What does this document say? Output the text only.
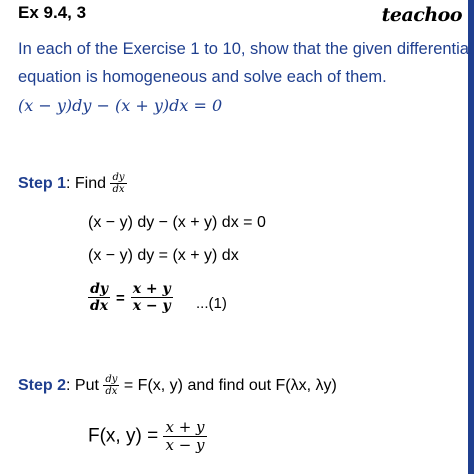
Ex 9.4, 3	teachoo
In each of the Exercise 1 to 10, show that the given differential
equation is homogeneous and solve each of them.
(x − y)dy − (x + y)dx = 0
Step 1: Find $\frac{dy}{dx}$
(x − y) dy − (x + y) dx = 0
(x − y) dy = (x + y) dx
$\frac{dy}{dx} = \frac{x + y}{x - y} ...(1)$
Step 2: Put $\frac{dy}{dx} = F(x$, y) and find out F(λx, λy)
F(x, $y) = \frac{x + y}{x - y}$
